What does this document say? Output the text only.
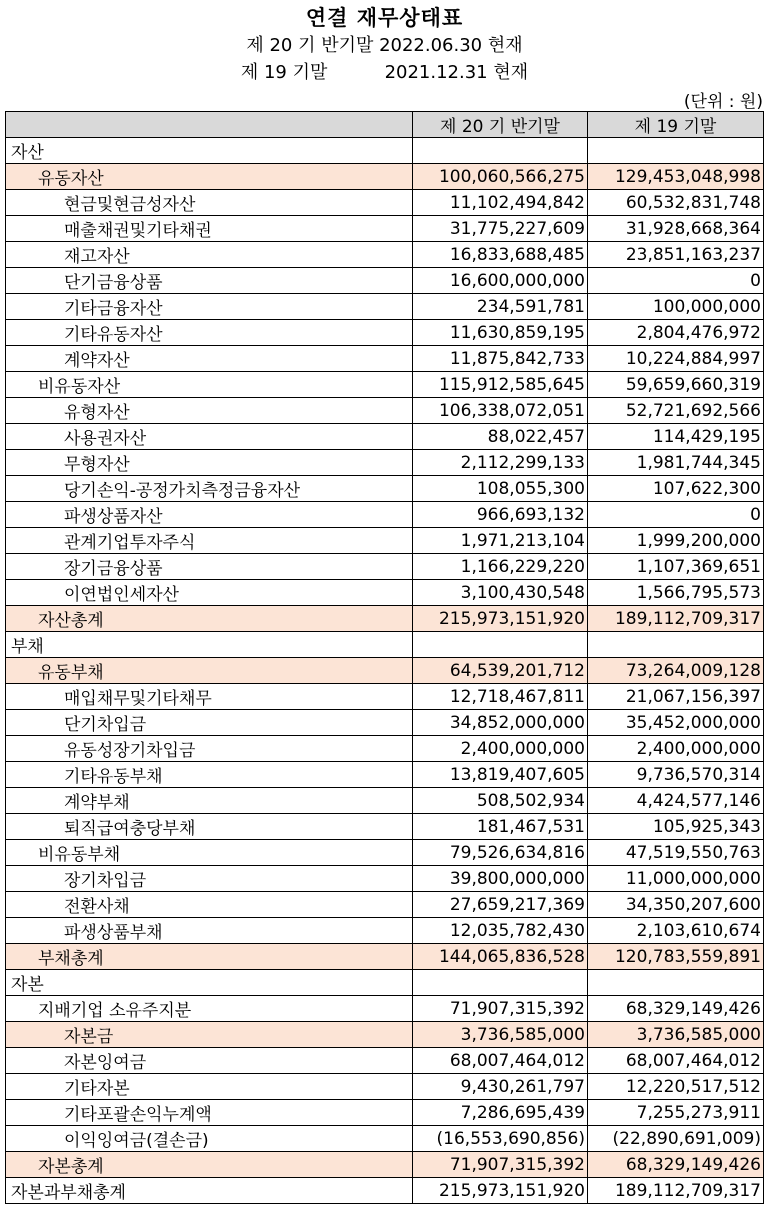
연결 재무상태표
제 20 기 반기말 2022.06.30 현재
제 19 기말          2021.12.31 현재
(단위 : 원)
	제 20 기 반기말	제 19 기말
자산		
유동자산	100,060,566,275	129,453,048,998
현금및현금성자산	11,102,494,842	60,532,831,748
매출채권및기타채권	31,775,227,609	31,928,668,364
재고자산	16,833,688,485	23,851,163,237
단기금융상품	16,600,000,000	0
기타금융자산	234,591,781	100,000,000
기타유동자산	11,630,859,195	2,804,476,972
계약자산	11,875,842,733	10,224,884,997
비유동자산	115,912,585,645	59,659,660,319
유형자산	106,338,072,051	52,721,692,566
사용권자산	88,022,457	114,429,195
무형자산	2,112,299,133	1,981,744,345
당기손익-공정가치측정금융자산	108,055,300	107,622,300
파생상품자산	966,693,132	0
관계기업투자주식	1,971,213,104	1,999,200,000
장기금융상품	1,166,229,220	1,107,369,651
이연법인세자산	3,100,430,548	1,566,795,573
자산총계	215,973,151,920	189,112,709,317
부채		
유동부채	64,539,201,712	73,264,009,128
매입채무및기타채무	12,718,467,811	21,067,156,397
단기차입금	34,852,000,000	35,452,000,000
유동성장기차입금	2,400,000,000	2,400,000,000
기타유동부채	13,819,407,605	9,736,570,314
계약부채	508,502,934	4,424,577,146
퇴직급여충당부채	181,467,531	105,925,343
비유동부채	79,526,634,816	47,519,550,763
장기차입금	39,800,000,000	11,000,000,000
전환사채	27,659,217,369	34,350,207,600
파생상품부채	12,035,782,430	2,103,610,674
부채총계	144,065,836,528	120,783,559,891
자본		
지배기업 소유주지분	71,907,315,392	68,329,149,426
자본금	3,736,585,000	3,736,585,000
자본잉여금	68,007,464,012	68,007,464,012
기타자본	9,430,261,797	12,220,517,512
기타포괄손익누계액	7,286,695,439	7,255,273,911
이익잉여금(결손금)	(16,553,690,856)	(22,890,691,009)
자본총계	71,907,315,392	68,329,149,426
자본과부채총계	215,973,151,920	189,112,709,317
